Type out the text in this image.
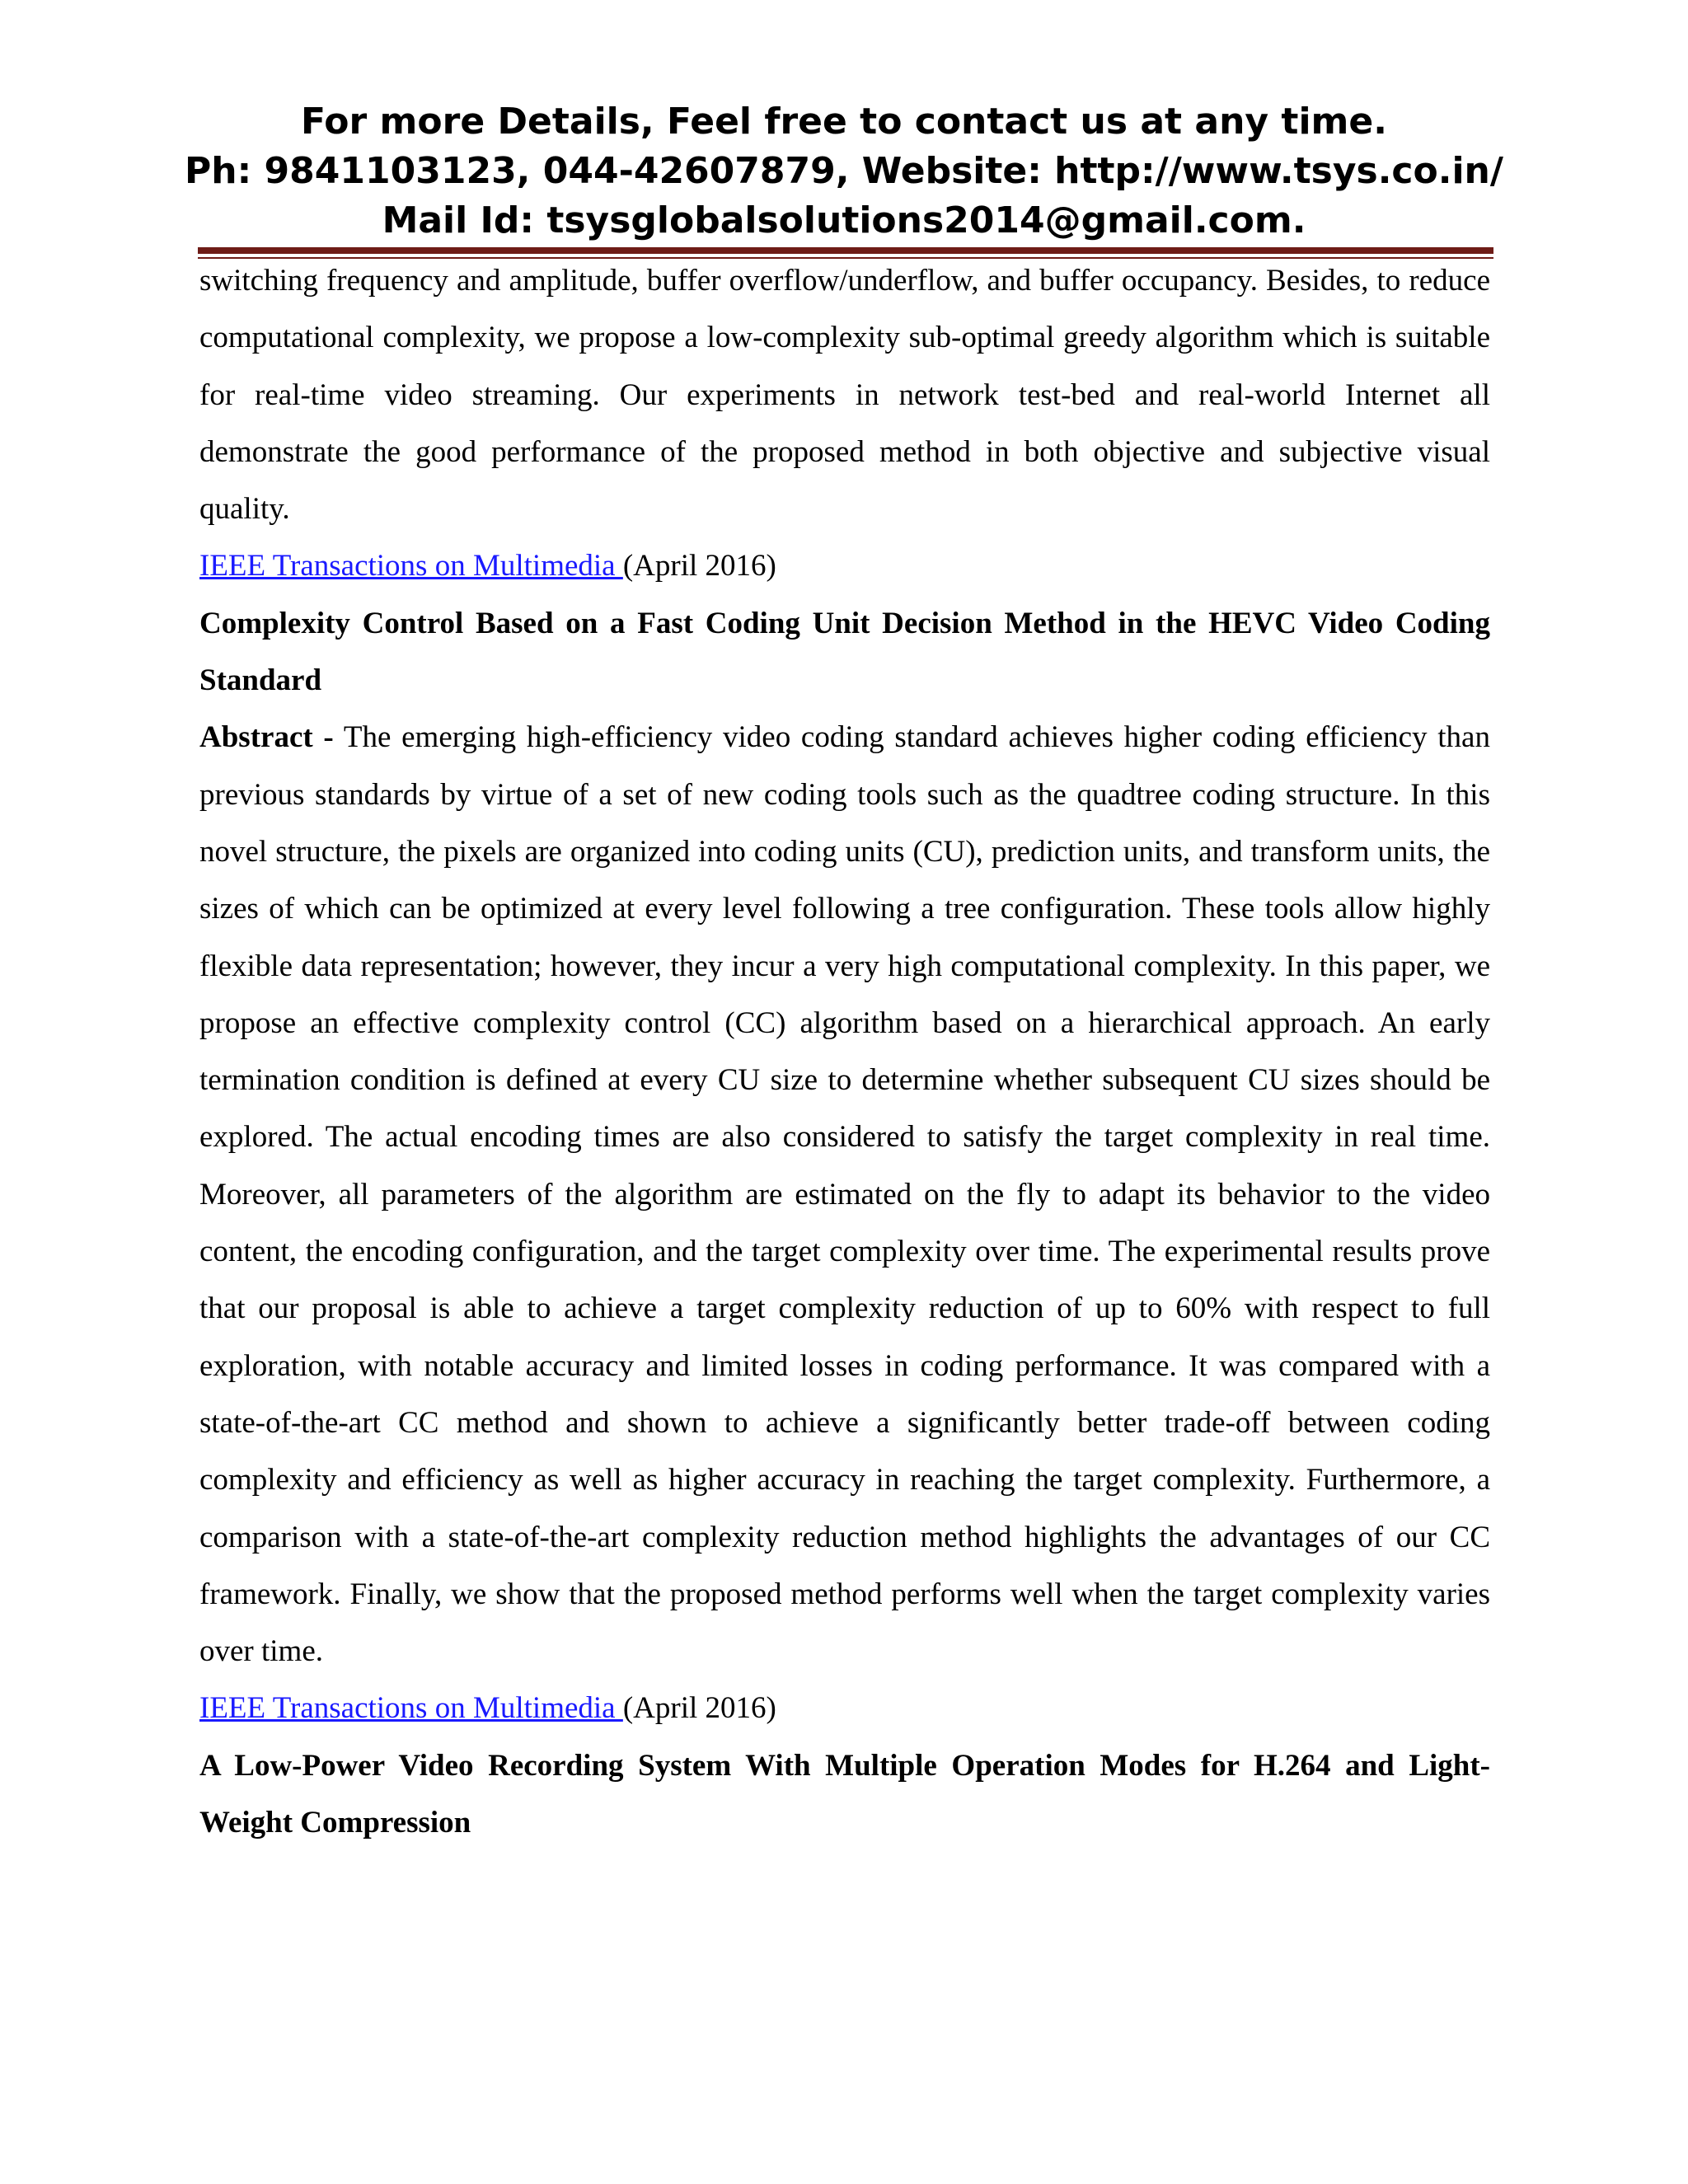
For more Details, Feel free to contact us at any time.
Ph: 9841103123, 044-42607879, Website: http://www.tsys.co.in/
Mail Id: tsysglobalsolutions2014@gmail.com.

switching frequency and amplitude, buffer overflow/underflow, and buffer occupancy. Besides, to reduce computational complexity, we propose a low-complexity sub-optimal greedy algorithm which is suitable for real-time video streaming. Our experiments in network test-bed and real-world Internet all demonstrate the good performance of the proposed method in both objective and subjective visual quality.

IEEE Transactions on Multimedia (April 2016)

Complexity Control Based on a Fast Coding Unit Decision Method in the HEVC Video Coding Standard

Abstract - The emerging high-efficiency video coding standard achieves higher coding efficiency than previous standards by virtue of a set of new coding tools such as the quadtree coding structure. In this novel structure, the pixels are organized into coding units (CU), prediction units, and transform units, the sizes of which can be optimized at every level following a tree configuration. These tools allow highly flexible data representation; however, they incur a very high computational complexity. In this paper, we propose an effective complexity control (CC) algorithm based on a hierarchical approach. An early termination condition is defined at every CU size to determine whether subsequent CU sizes should be explored. The actual encoding times are also considered to satisfy the target complexity in real time. Moreover, all parameters of the algorithm are estimated on the fly to adapt its behavior to the video content, the encoding configuration, and the target complexity over time. The experimental results prove that our proposal is able to achieve a target complexity reduction of up to 60% with respect to full exploration, with notable accuracy and limited losses in coding performance. It was compared with a state-of-the-art CC method and shown to achieve a significantly better trade-off between coding complexity and efficiency as well as higher accuracy in reaching the target complexity. Furthermore, a comparison with a state-of-the-art complexity reduction method highlights the advantages of our CC framework. Finally, we show that the proposed method performs well when the target complexity varies over time.

IEEE Transactions on Multimedia (April 2016)

A Low-Power Video Recording System With Multiple Operation Modes for H.264 and Light-Weight Compression
